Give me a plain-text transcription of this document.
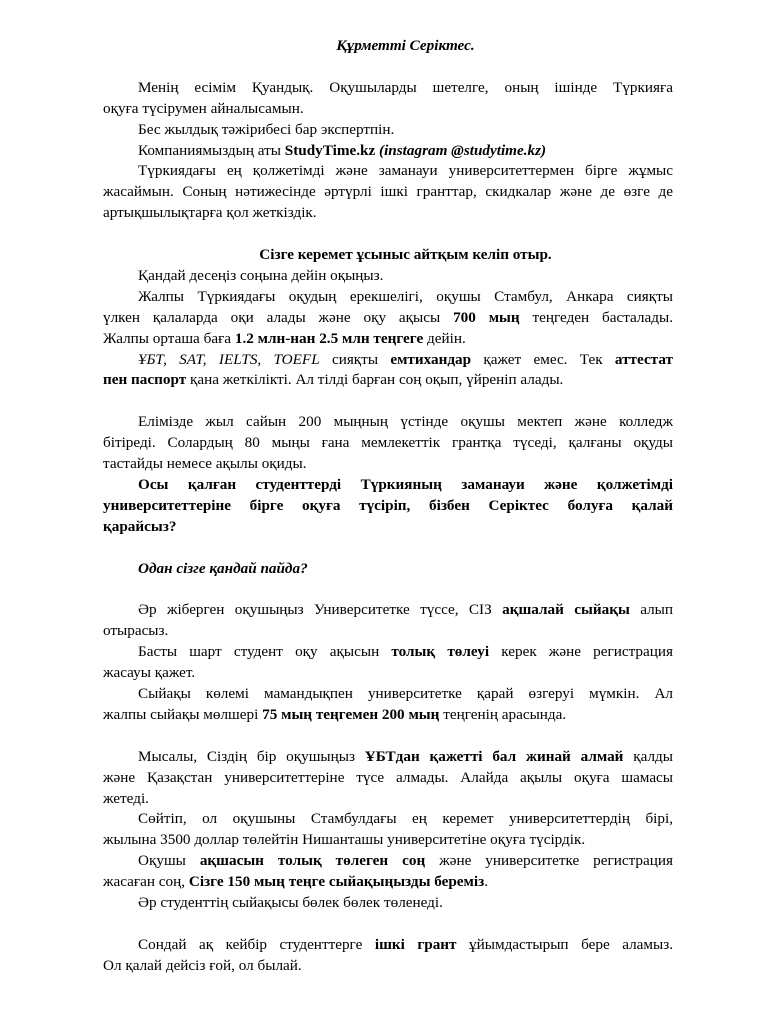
Құрметті Серіктес.

Менің есімім Қуандық. Оқушыларды шетелге, оның ішінде Түркияға

оқуға түсірумен айналысамын.

Бес жылдық тәжірибесі бар экспертпін.

Компаниямыздың аты StudyTime.kz (instagram @studytime.kz)

Түркиядағы ең қолжетімді және заманауи университеттермен бірге жұмыс

жасаймын. Соның нәтижесінде әртүрлі ішкі гранттар, скидкалар және де өзге де

артықшылықтарға қол жеткіздік.

Сізге керемет ұсыныс айтқым келіп отыр.

Қандай десеңіз соңына дейін оқыңыз.

Жалпы Түркиядағы оқудың ерекшелігі, оқушы Стамбул, Анкара сияқты

үлкен қалаларда оқи алады және оқу ақысы 700 мың теңгеден басталады.

Жалпы орташа баға 1.2 млн-нан 2.5 млн теңгеге дейін.

ҰБТ, SAT, IELTS, TOEFL сияқты емтихандар қажет емес. Тек аттестат

пен паспорт қана жеткілікті. Ал тілді барған соң оқып, үйреніп алады.

Елімізде жыл сайын 200 мыңның үстінде оқушы мектеп және колледж

бітіреді. Солардың 80 мыңы ғана мемлекеттік грантқа түседі, қалғаны оқуды

тастайды немесе ақылы оқиды.

Осы қалған студенттерді Түркияның заманауи және қолжетімді

университеттеріне бірге оқуға түсіріп, бізбен Серіктес болуға қалай

қарайсыз?

Одан сізге қандай пайда?

Әр жіберген оқушыңыз Университетке түссе, СІЗ ақшалай сыйақы алып

отырасыз.

Басты шарт студент оқу ақысын толық төлеуі керек және регистрация

жасауы қажет.

Сыйақы көлемі мамандықпен университетке қарай өзгеруі мүмкін. Ал

жалпы сыйақы мөлшері 75 мың теңгемен 200 мың теңгенің арасында.

Мысалы, Сіздің бір оқушыңыз ҰБТдан қажетті бал жинай алмай қалды

және Қазақстан университеттеріне түсе алмады. Алайда ақылы оқуға шамасы

жетеді.

Сөйтіп, ол оқушыны Стамбулдағы ең керемет университеттердің бірі,

жылына 3500 доллар төлейтін Нишанташы университетіне оқуға түсірдік.

Оқушы ақшасын толық төлеген соң және университетке регистрация

жасаған соң, Сізге 150 мың теңге сыйақыңызды береміз.

Әр студенттің сыйақысы бөлек бөлек төленеді.

Сондай ақ кейбір студенттерге ішкі грант ұйымдастырып бере аламыз.

Ол қалай дейсіз ғой, ол былай.
